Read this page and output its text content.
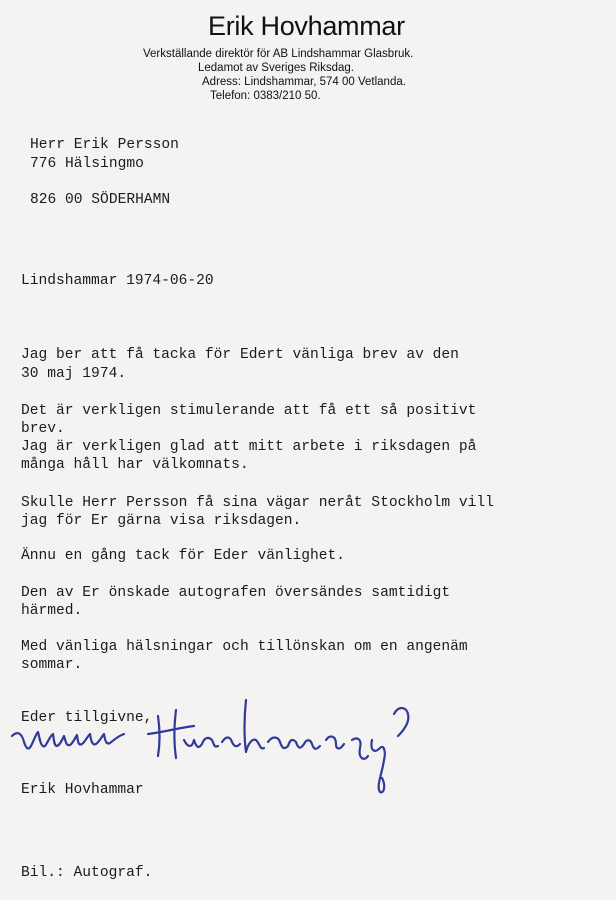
Erik Hovhammar
Verkställande direktör för AB Lindshammar Glasbruk.
Ledamot av Sveriges Riksdag.
Adress: Lindshammar, 574 00 Vetlanda.
Telefon: 0383/210 50.
Herr Erik Persson
776 Hälsingmo
826 00 SÖDERHAMN
Lindshammar 1974-06-20
Jag ber att få tacka för Edert vänliga brev av den
30 maj 1974.
Det är verkligen stimulerande att få ett så positivt
brev.
Jag är verkligen glad att mitt arbete i riksdagen på
många håll har välkomnats.
Skulle Herr Persson få sina vägar neråt Stockholm vill
jag för Er gärna visa riksdagen.
Ännu en gång tack för Eder vänlighet.
Den av Er önskade autografen översändes samtidigt
härmed.
Med vänliga hälsningar och tillönskan om en angenäm
sommar.
Eder tillgivne,
Erik Hovhammar
Bil.: Autograf.
